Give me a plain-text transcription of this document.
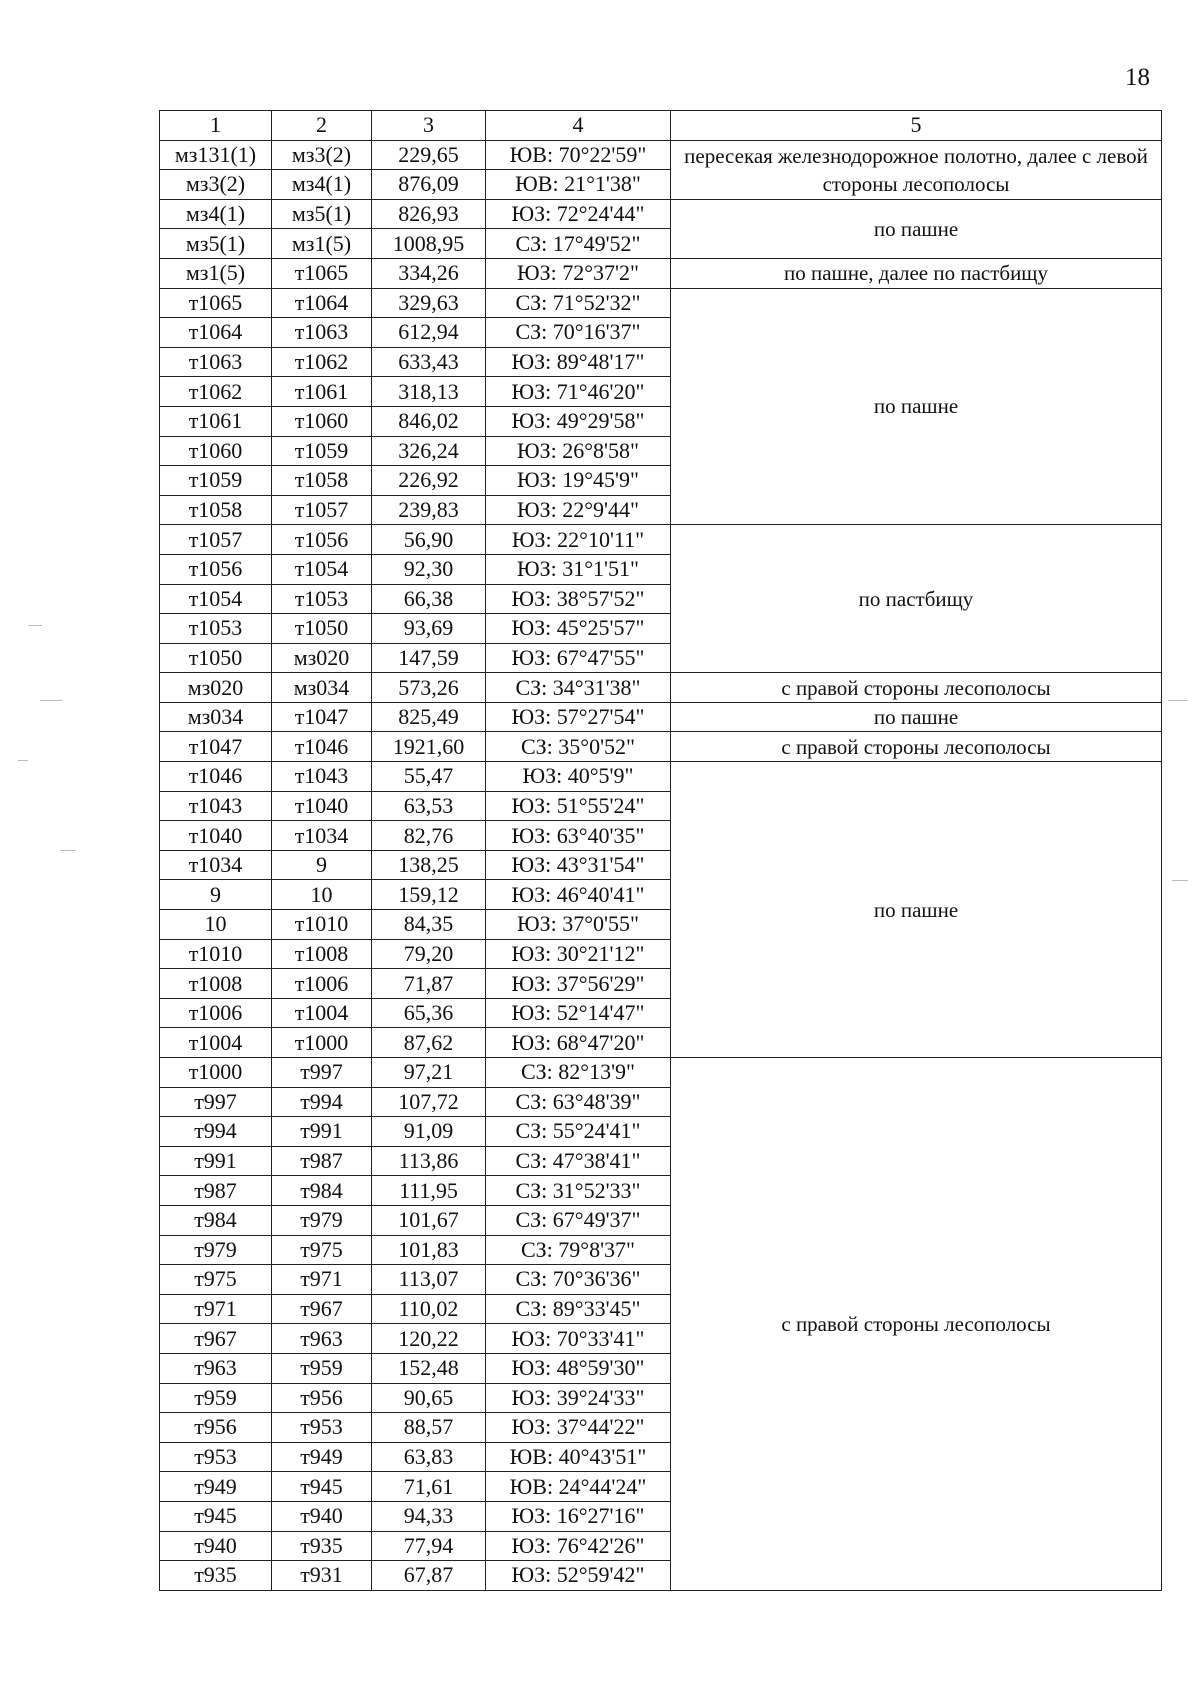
18
1	2	3	4	5
мз131(1)	мз3(2)	229,65	ЮВ: 70°22'59"	пересекая железнодорожное полотно, далее с левой стороны лесополосы
мз3(2)	мз4(1)	876,09	ЮВ: 21°1'38"	
мз4(1)	мз5(1)	826,93	ЮЗ: 72°24'44"	по пашне
мз5(1)	мз1(5)	1008,95	СЗ: 17°49'52"	
мз1(5)	т1065	334,26	ЮЗ: 72°37'2"	по пашне, далее по пастбищу
т1065	т1064	329,63	СЗ: 71°52'32"	по пашне
т1064	т1063	612,94	СЗ: 70°16'37"	
т1063	т1062	633,43	ЮЗ: 89°48'17"	
т1062	т1061	318,13	ЮЗ: 71°46'20"	
т1061	т1060	846,02	ЮЗ: 49°29'58"	
т1060	т1059	326,24	ЮЗ: 26°8'58"	
т1059	т1058	226,92	ЮЗ: 19°45'9"	
т1058	т1057	239,83	ЮЗ: 22°9'44"	
т1057	т1056	56,90	ЮЗ: 22°10'11"	по пастбищу
т1056	т1054	92,30	ЮЗ: 31°1'51"	
т1054	т1053	66,38	ЮЗ: 38°57'52"	
т1053	т1050	93,69	ЮЗ: 45°25'57"	
т1050	мз020	147,59	ЮЗ: 67°47'55"	
мз020	мз034	573,26	СЗ: 34°31'38"	с правой стороны лесополосы
мз034	т1047	825,49	ЮЗ: 57°27'54"	по пашне
т1047	т1046	1921,60	СЗ: 35°0'52"	с правой стороны лесополосы
т1046	т1043	55,47	ЮЗ: 40°5'9"	по пашне
т1043	т1040	63,53	ЮЗ: 51°55'24"	
т1040	т1034	82,76	ЮЗ: 63°40'35"	
т1034	9	138,25	ЮЗ: 43°31'54"	
9	10	159,12	ЮЗ: 46°40'41"	
10	т1010	84,35	ЮЗ: 37°0'55"	
т1010	т1008	79,20	ЮЗ: 30°21'12"	
т1008	т1006	71,87	ЮЗ: 37°56'29"	
т1006	т1004	65,36	ЮЗ: 52°14'47"	
т1004	т1000	87,62	ЮЗ: 68°47'20"	
т1000	т997	97,21	СЗ: 82°13'9"	с правой стороны лесополосы
т997	т994	107,72	СЗ: 63°48'39"	
т994	т991	91,09	СЗ: 55°24'41"	
т991	т987	113,86	СЗ: 47°38'41"	
т987	т984	111,95	СЗ: 31°52'33"	
т984	т979	101,67	СЗ: 67°49'37"	
т979	т975	101,83	СЗ: 79°8'37"	
т975	т971	113,07	СЗ: 70°36'36"	
т971	т967	110,02	СЗ: 89°33'45"	
т967	т963	120,22	ЮЗ: 70°33'41"	
т963	т959	152,48	ЮЗ: 48°59'30"	
т959	т956	90,65	ЮЗ: 39°24'33"	
т956	т953	88,57	ЮЗ: 37°44'22"	
т953	т949	63,83	ЮВ: 40°43'51"	
т949	т945	71,61	ЮВ: 24°44'24"	
т945	т940	94,33	ЮЗ: 16°27'16"	
т940	т935	77,94	ЮЗ: 76°42'26"	
т935	т931	67,87	ЮЗ: 52°59'42"	
